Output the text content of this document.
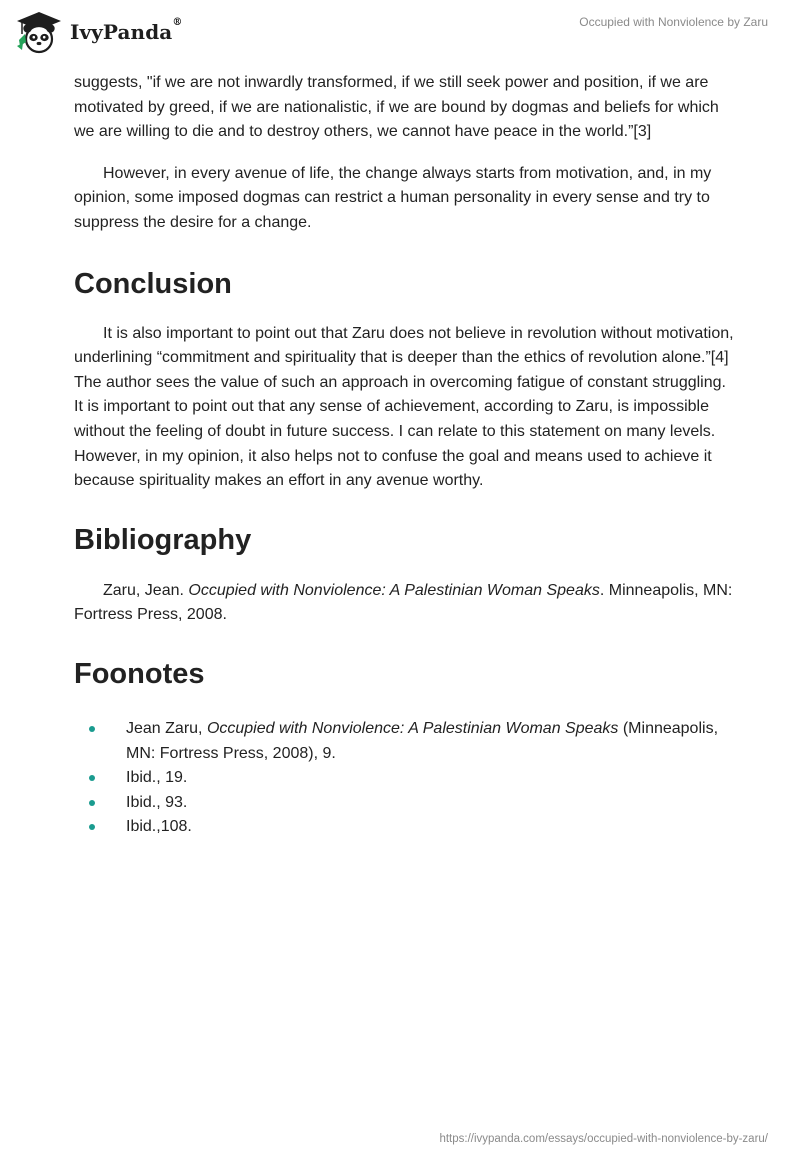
IvyPanda®	Occupied with Nonviolence by Zaru

suggests, "if we are not inwardly transformed, if we still seek power and position, if we are motivated by greed, if we are nationalistic, if we are bound by dogmas and beliefs for which we are willing to die and to destroy others, we cannot have peace in the world.”[3]

However, in every avenue of life, the change always starts from motivation, and, in my opinion, some imposed dogmas can restrict a human personality in every sense and try to suppress the desire for a change.

Conclusion

It is also important to point out that Zaru does not believe in revolution without motivation, underlining “commitment and spirituality that is deeper than the ethics of revolution alone.”[4] The author sees the value of such an approach in overcoming fatigue of constant struggling. It is important to point out that any sense of achievement, according to Zaru, is impossible without the feeling of doubt in future success. I can relate to this statement on many levels. However, in my opinion, it also helps not to confuse the goal and means used to achieve it because spirituality makes an effort in any avenue worthy.

Bibliography

Zaru, Jean. Occupied with Nonviolence: A Palestinian Woman Speaks. Minneapolis, MN: Fortress Press, 2008.

Foonotes
Jean Zaru, Occupied with Nonviolence: A Palestinian Woman Speaks (Minneapolis, MN: Fortress Press, 2008), 9.
Ibid., 19.
Ibid., 93.
Ibid.,108.
https://ivypanda.com/essays/occupied-with-nonviolence-by-zaru/
